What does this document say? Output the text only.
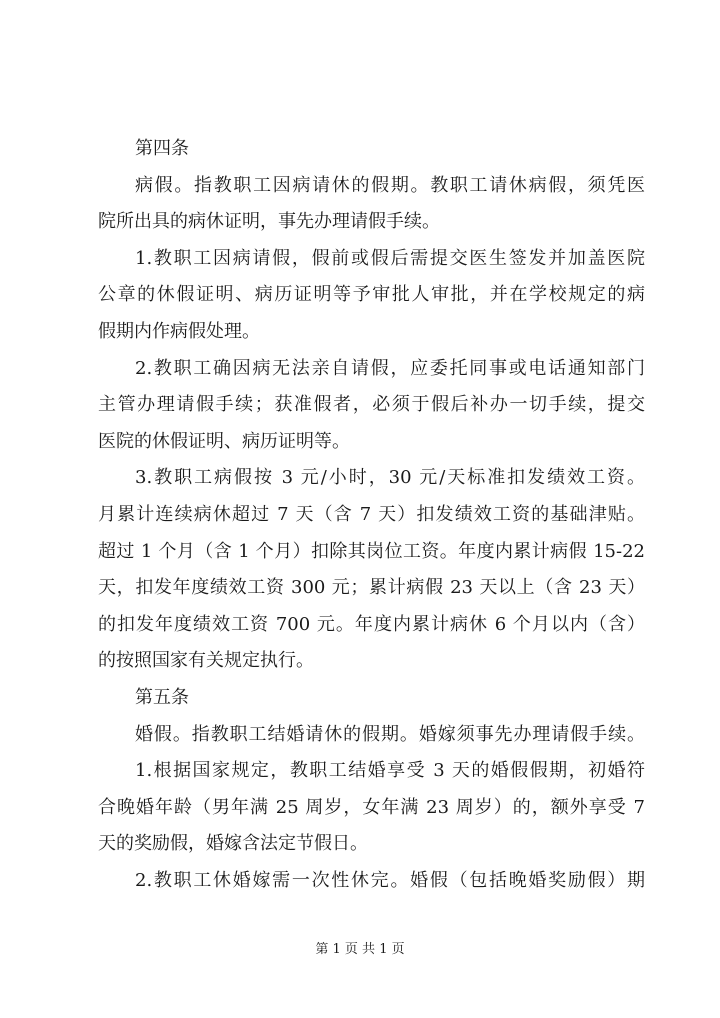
第四条
病假。指教职工因病请休的假期。教职工请休病假，须凭医
院所出具的病休证明，事先办理请假手续。
1.教职工因病请假，假前或假后需提交医生签发并加盖医院
公章的休假证明、病历证明等予审批人审批，并在学校规定的病
假期内作病假处理。
2.教职工确因病无法亲自请假，应委托同事或电话通知部门
主管办理请假手续；获准假者，必须于假后补办一切手续，提交
医院的休假证明、病历证明等。
3.教职工病假按 3 元/小时，30 元/天标准扣发绩效工资。
月累计连续病休超过 7 天（含 7 天）扣发绩效工资的基础津贴。
超过 1 个月（含 1 个月）扣除其岗位工资。年度内累计病假 15-22
天，扣发年度绩效工资 300 元；累计病假 23 天以上（含 23 天）
的扣发年度绩效工资 700 元。年度内累计病休 6 个月以内（含）
的按照国家有关规定执行。
第五条
婚假。指教职工结婚请休的假期。婚嫁须事先办理请假手续。
1.根据国家规定，教职工结婚享受 3 天的婚假假期，初婚符
合晚婚年龄（男年满 25 周岁，女年满 23 周岁）的，额外享受 7
天的奖励假，婚嫁含法定节假日。
2.教职工休婚嫁需一次性休完。婚假（包括晚婚奖励假）期
第 1 页 共 1 页
